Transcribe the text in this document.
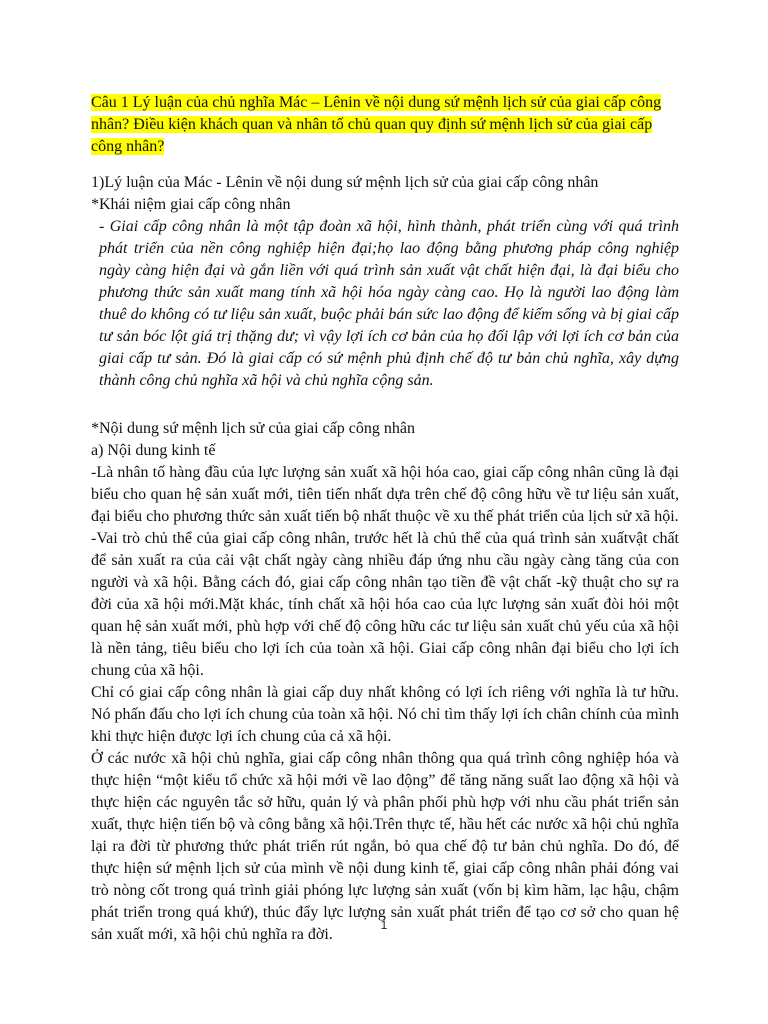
Câu 1 Lý luận của chủ nghĩa Mác – Lênin về nội dung sứ mệnh lịch sử của giai cấp công nhân? Điều kiện khách quan và nhân tố chủ quan quy định sứ mệnh lịch sử của giai cấp công nhân?

1)Lý luận của Mác - Lênin về nội dung sứ mệnh lịch sử của giai cấp công nhân

*Khái niệm giai cấp công nhân

- Giai cấp công nhân là một tập đoàn xã hội, hình thành, phát triển cùng với quá trình phát triển của nền công nghiệp hiện đại;họ lao động bằng phương pháp công nghiệp ngày càng hiện đại và gắn liền với quá trình sản xuất vật chất hiện đại, là đại biểu cho phương thức sản xuất mang tính xã hội hóa ngày càng cao. Họ là người lao động làm thuê do không có tư liệu sản xuất, buộc phải bán sức lao động để kiếm sống và bị giai cấp tư sản bóc lột giá trị thặng dư; vì vậy lợi ích cơ bản của họ đối lập với lợi ích cơ bản của giai cấp tư sản. Đó là giai cấp có sứ mệnh phủ định chế độ tư bản chủ nghĩa, xây dựng thành công chủ nghĩa xã hội và chủ nghĩa cộng sản.

*Nội dung sứ mệnh lịch sử của giai cấp công nhân

a) Nội dung kinh tế

-Là nhân tố hàng đầu của lực lượng sản xuất xã hội hóa cao, giai cấp công nhân cũng là đại biểu cho quan hệ sản xuất mới, tiên tiến nhất dựa trên chế độ công hữu về tư liệu sản xuất, đại biểu cho phương thức sản xuất tiến bộ nhất thuộc về xu thế phát triển của lịch sử xã hội.

-Vai trò chủ thể của giai cấp công nhân, trước hết là chủ thể của quá trình sản xuấtvật chất để sản xuất ra của cải vật chất ngày càng nhiều đáp ứng nhu cầu ngày càng tăng của con người và xã hội. Bằng cách đó, giai cấp công nhân tạo tiền đề vật chất -kỹ thuật cho sự ra đời của xã hội mới.Mặt khác, tính chất xã hội hóa cao của lực lượng sản xuất đòi hỏi một quan hệ sản xuất mới, phù hợp với chế độ công hữu các tư liệu sản xuất chủ yếu của xã hội là nền tảng, tiêu biểu cho lợi ích của toàn xã hội. Giai cấp công nhân đại biểu cho lợi ích chung của xã hội.

Chỉ có giai cấp công nhân là giai cấp duy nhất không có lợi ích riêng với nghĩa là tư hữu. Nó phấn đấu cho lợi ích chung của toàn xã hội. Nó chỉ tìm thấy lợi ích chân chính của mình khi thực hiện được lợi ích chung của cả xã hội.

Ở các nước xã hội chủ nghĩa, giai cấp công nhân thông qua quá trình công nghiệp hóa và thực hiện “một kiểu tổ chức xã hội mới về lao động” để tăng năng suất lao động xã hội và thực hiện các nguyên tắc sở hữu, quản lý và phân phối phù hợp với nhu cầu phát triển sản xuất, thực hiện tiến bộ và công bằng xã hội.Trên thực tế, hầu hết các nước xã hội chủ nghĩa lại ra đời từ phương thức phát triển rút ngắn, bỏ qua chế độ tư bản chủ nghĩa. Do đó, để thực hiện sứ mệnh lịch sử của mình về nội dung kinh tế, giai cấp công nhân phải đóng vai trò nòng cốt trong quá trình giải phóng lực lượng sản xuất (vốn bị kìm hãm, lạc hậu, chậm phát triển trong quá khứ), thúc đẩy lực lượng sản xuất phát triển để tạo cơ sở cho quan hệ sản xuất mới, xã hội chủ nghĩa ra đời.

1
